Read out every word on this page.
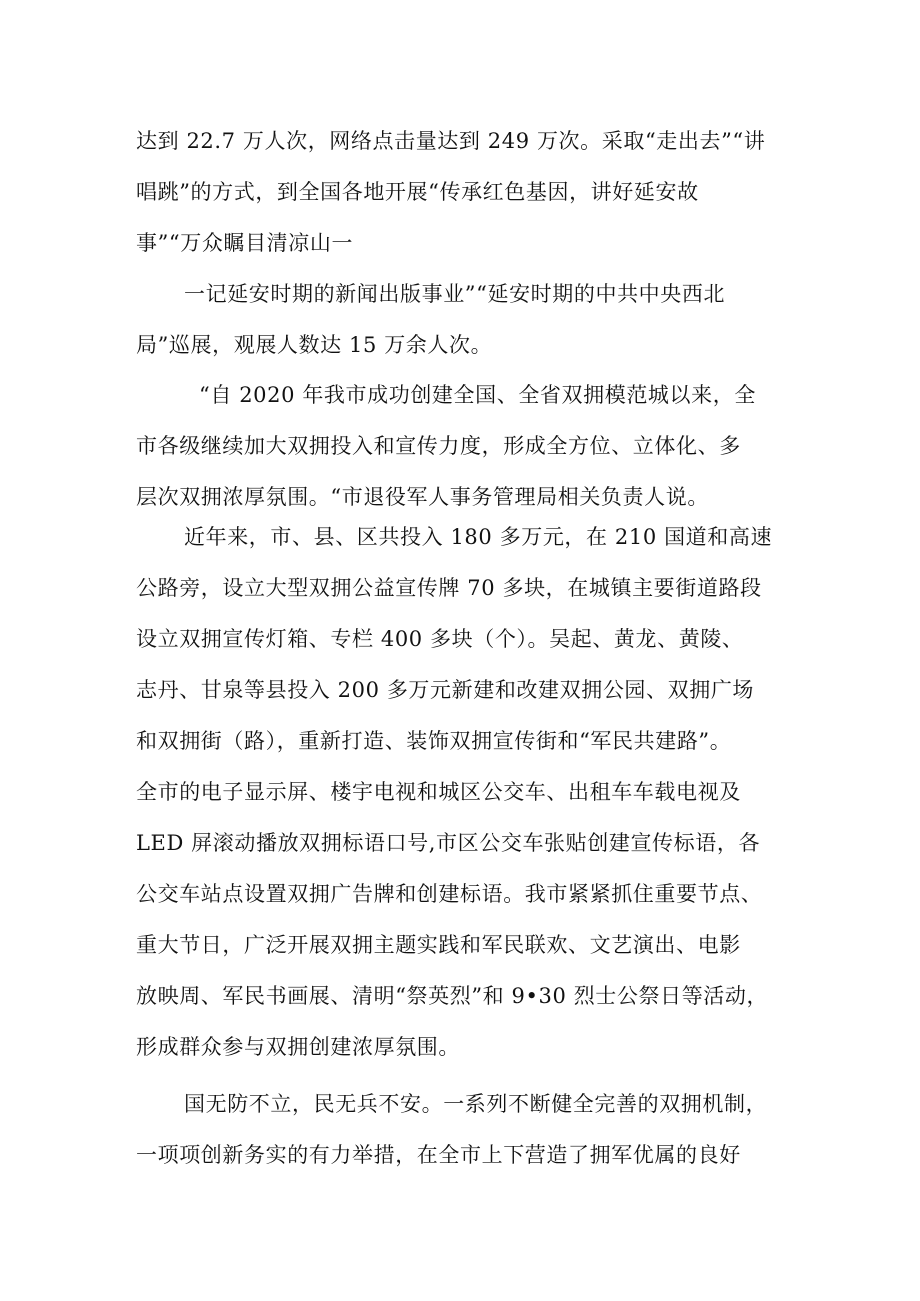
达到 22.7 万人次，网络点击量达到 249 万次。采取“走出去”“讲
唱跳”的方式，到全国各地开展“传承红色基因，讲好延安故
事”“万众瞩目清凉山一

一记延安时期的新闻出版事业”“延安时期的中共中央西北
局”巡展，观展人数达 15 万余人次。

“自 2020 年我市成功创建全国、全省双拥模范城以来，全
市各级继续加大双拥投入和宣传力度，形成全方位、立体化、多
层次双拥浓厚氛围。“市退役军人事务管理局相关负责人说。

近年来，市、县、区共投入 180 多万元，在 210 国道和高速
公路旁，设立大型双拥公益宣传牌 70 多块，在城镇主要街道路段
设立双拥宣传灯箱、专栏 400 多块（个）。吴起、黄龙、黄陵、
志丹、甘泉等县投入 200 多万元新建和改建双拥公园、双拥广场
和双拥街（路），重新打造、装饰双拥宣传街和“军民共建路”。
全市的电子显示屏、楼宇电视和城区公交车、出租车车载电视及
LED 屏滚动播放双拥标语口号,市区公交车张贴创建宣传标语，各
公交车站点设置双拥广告牌和创建标语。我市紧紧抓住重要节点、
重大节日，广泛开展双拥主题实践和军民联欢、文艺演出、电影
放映周、军民书画展、清明“祭英烈”和 9•30 烈士公祭日等活动，
形成群众参与双拥创建浓厚氛围。

国无防不立，民无兵不安。一系列不断健全完善的双拥机制，
一项项创新务实的有力举措，在全市上下营造了拥军优属的良好
